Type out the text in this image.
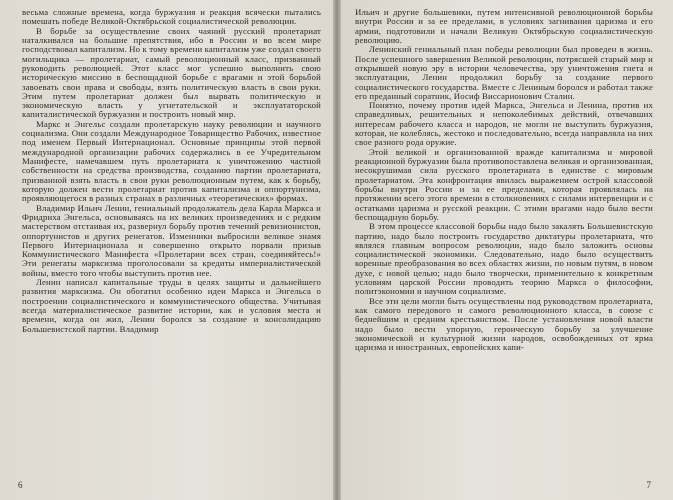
весьма сложные времена, когда буржуазия и реакция всячески пытались помешать победе Великой-Октябрьской социалистической революции.

В борьбе за осуществление своих чаяний русский пролетариат наталкивался на большие препятствия, ибо в России и во всем мире господствовал капитализм. Но к тому времени капитализм уже создал своего могильщика — пролетариат, самый революционный класс, призванный руководить революцией. Этот класс мог успешно выполнить свою историческую миссию в беспощадной борьбе с врагами и этой борьбой завоевать свои права и свободы, взять политическую власть в свои руки. Этим путем пролетариат должен был вырвать политическую и экономическую власть у угнетательской и эксплуататорской капиталистической буржуазии и построить новый мир.

Маркс и Энгельс создали пролетарскую науку революции и научного социализма. Они создали Международное Товарищество Рабочих, известное под именем Первый Интернационал. Основные принципы этой первой международной организации рабочих содержались в ее Учредительном Манифесте, намечавшем путь пролетариата к уничтожению частной собственности на средства производства, созданию партии пролетариата, призванной взять власть в свои руки революционным путем, как к борьбу, которую должен вести пролетариат против капитализма и оппортунизма, проявляющегося в разных странах в различных «теоретических» формах.

Владимир Ильич Ленин, гениальный продолжатель дела Карла Маркса и Фридриха Энгельса, основываясь на их великих произведениях и с редким мастерством отстаивая их, развернул борьбу против течений ревизионистов, оппортунистов и других ренегатов. Изменники выбросили великое знамя Первого Интернационала и совершенно открыто порвали призыв Коммунистического Манифеста «Пролетарии всех стран, соединяйтесь!» Эти ренегаты марксизма проголосовали за кредиты империалистической войны, вместо того чтобы выступить против нее.

Ленин написал капитальные труды в целях защиты и дальнейшего развития марксизма. Он обогатил особенно идеи Маркса и Энгельса о построении социалистического и коммунистического общества. Учитывая всегда материалистическое развитие истории, как и условия места и времени, когда он жил, Ленин боролся за создание и консолидацию Большевистской партии. Владимир

6

Ильич и другие большевики, путем интенсивной революционной борьбы внутри России и за ее пределами, в условиях загнивания царизма и его армии, подготовили и начали Великую Октябрьскую социалистическую революцию.

Ленинский гениальный план победы революции был проведен в жизнь. После успешного завершения Великой революции, потрясшей старый мир и открывшей новую эру в истории человечества, эру уничтожения гнета и эксплуатации, Ленин продолжил борьбу за создание первого социалистического государства. Вместе с Лениным боролся и работал также его преданный соратник, Иосиф Виссарионович Сталин.

Понятно, почему против идей Маркса, Энгельса и Ленина, против их справедливых, решительных и непоколебимых действий, отвечавших интересам рабочего класса и народов, не могли не выступить буржуазия, которая, не колеблясь, жестоко и последовательно, всегда направляла на них свое разного рода оружие.

Этой великой и организованной вражде капитализма и мировой реакционной буржуазии была противопоставлена великая и организованная, несокрушимая сила русского пролетариата в единстве с мировым пролетариатом. Эта конфронтация явилась выражением острой классовой борьбы внутри России и за ее пределами, которая проявлялась на протяжении всего этого времени в столкновениях с силами интервенции и с остатками царизма и русской реакции. С этими врагами надо было вести беспощадную борьбу.

В этом процессе классовой борьбы надо было закалять Большевистскую партию, надо было построить государство диктатуры пролетариата, что являлся главным вопросом революции, надо было заложить основы социалистической экономики. Следовательно, надо было осуществить коренные преобразования во всех областях жизни, по новым путям, в новом духе, с новой целью; надо было творчески, применительно к конкретным условиям царской России проводить теорию Маркса о философии, политэкономии и научном социализме.

Все эти цели могли быть осуществлены под руководством пролетариата, как самого передового и самого революционного класса, в союзе с беднейшим и средним крестьянством. После установления новой власти надо было вести упорную, героическую борьбу за улучшение экономической и культурной жизни народов, освобожденных от ярма царизма и иностранных, европейских капи-

7
